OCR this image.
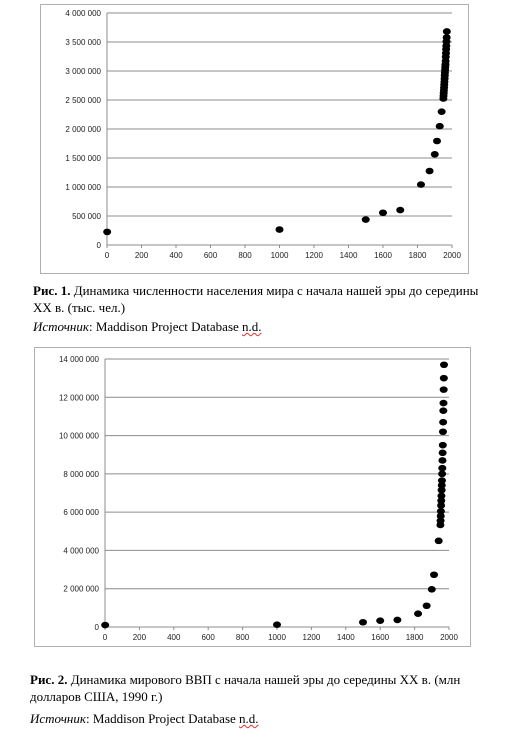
0
500 000
1 000 000
1 500 000
2 000 000
2 500 000
3 000 000
3 500 000
4 000 000
0	200	400	600	800 1000 1200 1400 1600 1800 2000
Рис. 1. Динамика численности населения мира с начала нашей эры до середины XX в. (тыс. чел.)
Источник: Maddison Project Database n.d.
0
2 000 000
4 000 000
6 000 000
8 000 000
10 000 000
12 000 000
14 000 000
0	200	400	600	800 1000 1200 1400 1600 1800 2000
Рис. 2. Динамика мирового ВВП с начала нашей эры до середины XX в. (млн долларов США, 1990 г.)
Источник: Maddison Project Database n.d.
